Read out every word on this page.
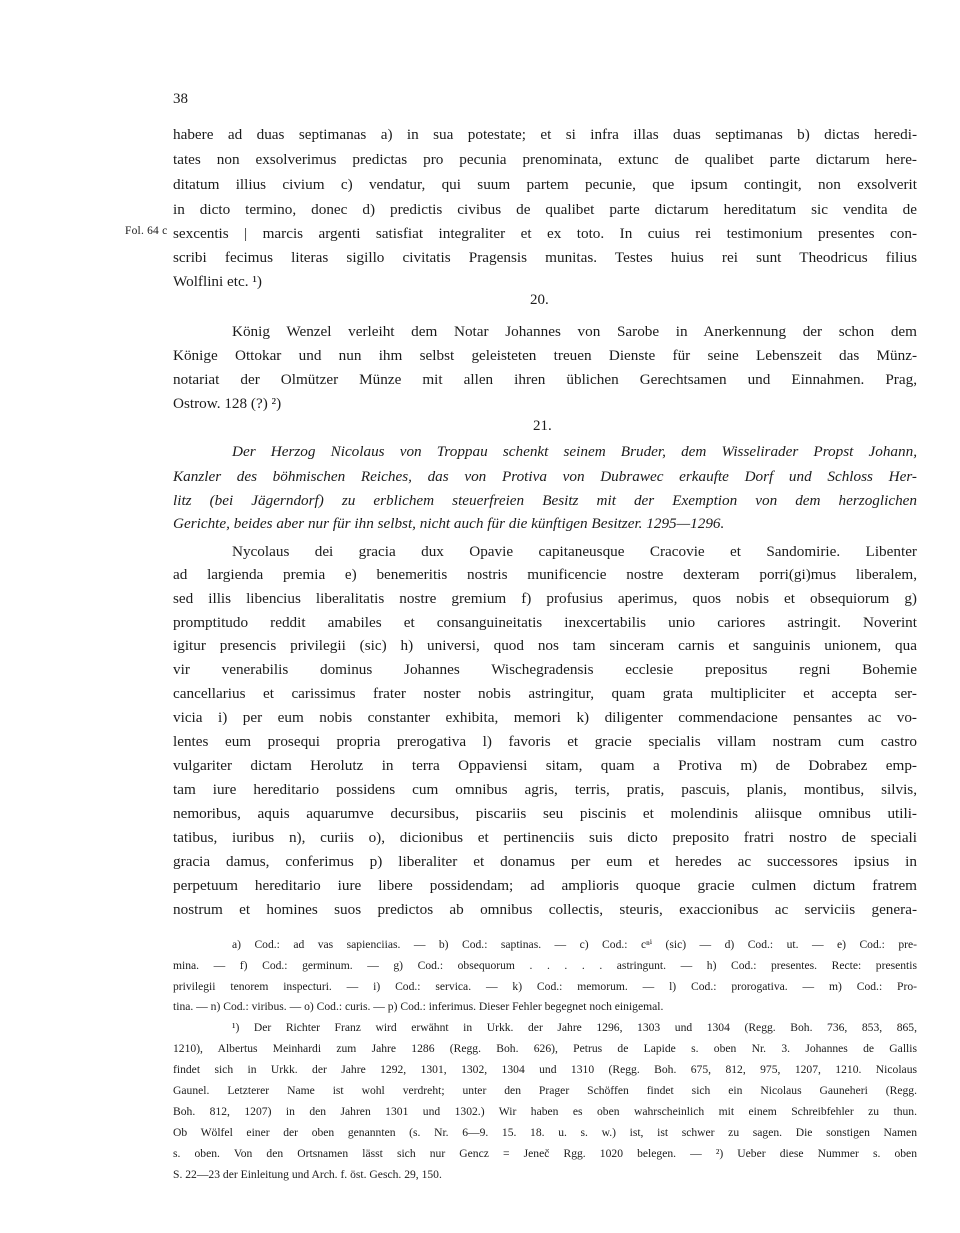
38
Fol. 64 c
habere ad duas septimanas a) in sua potestate; et si infra illas duas septimanas b) dictas heredi-
tates non exsolverimus predictas pro pecunia prenominata, extunc de qualibet parte dictarum here-
ditatum illius civium c) vendatur, qui suum partem pecunie, que ipsum contingit, non exsolverit
in dicto termino, donec d) predictis civibus de qualibet parte dictarum hereditatum sic vendita de
sexcentis | marcis argenti satisfiat integraliter et ex toto. In cuius rei testimonium presentes con-
scribi fecimus literas sigillo civitatis Pragensis munitas. Testes huius rei sunt Theodricus filius
Wolflini etc. ¹)
20.
König Wenzel verleiht dem Notar Johannes von Sarobe in Anerkennung der schon dem
Könige Ottokar und nun ihm selbst geleisteten treuen Dienste für seine Lebenszeit das Münz-
notariat der Olmützer Münze mit allen ihren üblichen Gerechtsamen und Einnahmen. Prag,
Ostrow. 128 (?) ²)
21.
Der Herzog Nicolaus von Troppau schenkt seinem Bruder, dem Wisselirader Propst Johann,
Kanzler des böhmischen Reiches, das von Protiva von Dubrawec erkaufte Dorf und Schloss Her-
litz (bei Jägerndorf) zu erblichem steuerfreien Besitz mit der Exemption von dem herzoglichen
Gerichte, beides aber nur für ihn selbst, nicht auch für die künftigen Besitzer. 1295—1296.
Nycolaus dei gracia dux Opavie capitaneusque Cracovie et Sandomirie. Libenter
ad largienda premia e) benemeritis nostris munificencie nostre dexteram porri(gi)mus liberalem,
sed illis libencius liberalitatis nostre gremium f) profusius aperimus, quos nobis et obsequiorum g)
promptitudo reddit amabiles et consanguineitatis inexcertabilis unio cariores astringit. Noverint
igitur presencis privilegii (sic) h) universi, quod nos tam sinceram carnis et sanguinis unionem, qua
vir venerabilis dominus Johannes Wischegradensis ecclesie prepositus regni Bohemie
cancellarius et carissimus frater noster nobis astringitur, quam grata multipliciter et accepta ser-
vicia i) per eum nobis constanter exhibita, memori k) diligenter commendacione pensantes ac vo-
lentes eum prosequi propria prerogativa l) favoris et gracie specialis villam nostram cum castro
vulgariter dictam Herolutz in terra Oppaviensi sitam, quam a Protiva m) de Dobrabez emp-
tam iure hereditario possidens cum omnibus agris, terris, pratis, pascuis, planis, montibus, silvis,
nemoribus, aquis aquarumve decursibus, piscariis seu piscinis et molendinis aliisque omnibus utili-
tatibus, iuribus n), curiis o), dicionibus et pertinenciis suis dicto preposito fratri nostro de speciali
gracia damus, conferimus p) liberaliter et donamus per eum et heredes ac successores ipsius in
perpetuum hereditario iure libere possidendam; ad amplioris quoque gracie culmen dictum fratrem
nostrum et homines suos predictos ab omnibus collectis, steuris, exaccionibus ac serviciis genera-
a) Cod.: ad vas sapienciias. — b) Cod.: saptinas. — c) Cod.: cⁿⁱ (sic) — d) Cod.: ut. — e) Cod.: pre-
mina. — f) Cod.: germinum. — g) Cod.: obsequorum . . . . . astringunt. — h) Cod.: presentes. Recte: presentis
privilegii tenorem inspecturi. — i) Cod.: servica. — k) Cod.: memorum. — l) Cod.: prorogativa. — m) Cod.: Pro-
tina. — n) Cod.: viribus. — o) Cod.: curis. — p) Cod.: inferimus. Dieser Fehler begegnet noch einigemal.
¹) Der Richter Franz wird erwähnt in Urkk. der Jahre 1296, 1303 und 1304 (Regg. Boh. 736, 853, 865,
1210), Albertus Meinhardi zum Jahre 1286 (Regg. Boh. 626), Petrus de Lapide s. oben Nr. 3. Johannes de Gallis
findet sich in Urkk. der Jahre 1292, 1301, 1302, 1304 und 1310 (Regg. Boh. 675, 812, 975, 1207, 1210. Nicolaus
Gaunel. Letzterer Name ist wohl verdreht; unter den Prager Schöffen findet sich ein Nicolaus Gauneheri (Regg.
Boh. 812, 1207) in den Jahren 1301 und 1302.) Wir haben es oben wahrscheinlich mit einem Schreibfehler zu thun.
Ob Wölfel einer der oben genannten (s. Nr. 6—9. 15. 18. u. s. w.) ist, ist schwer zu sagen. Die sonstigen Namen
s. oben. Von den Ortsnamen lässt sich nur Gencz = Jeneč Rgg. 1020 belegen. — ²) Ueber diese Nummer s. oben
S. 22—23 der Einleitung und Arch. f. öst. Gesch. 29, 150.
